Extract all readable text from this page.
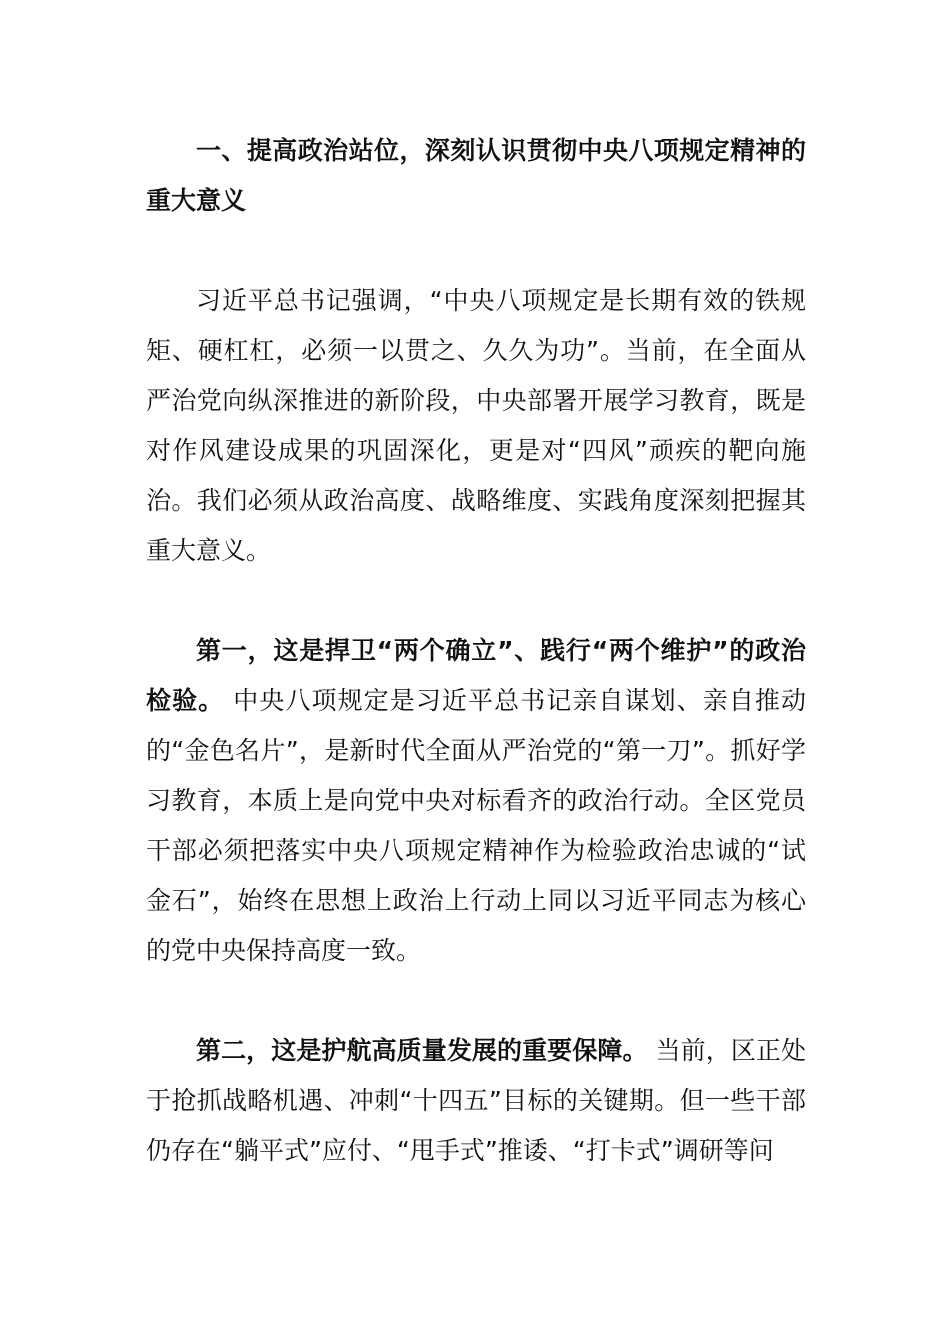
一、提高政治站位，深刻认识贯彻中央八项规定精神的重大意义

习近平总书记强调，“中央八项规定是长期有效的铁规矩、硬杠杠，必须一以贯之、久久为功”。当前，在全面从严治党向纵深推进的新阶段，中央部署开展学习教育，既是对作风建设成果的巩固深化，更是对“四风”顽疾的靶向施治。我们必须从政治高度、战略维度、实践角度深刻把握其重大意义。

第一，这是捍卫“两个确立”、践行“两个维护”的政治检验。 中央八项规定是习近平总书记亲自谋划、亲自推动的“金色名片”，是新时代全面从严治党的“第一刀”。抓好学习教育，本质上是向党中央对标看齐的政治行动。全区党员干部必须把落实中央八项规定精神作为检验政治忠诚的“试金石”，始终在思想上政治上行动上同以习近平同志为核心的党中央保持高度一致。

第二，这是护航高质量发展的重要保障。 当前，区正处于抢抓战略机遇、冲刺“十四五”目标的关键期。但一些干部仍存在“躺平式”应付、“甩手式”推诿、“打卡式”调研等问
